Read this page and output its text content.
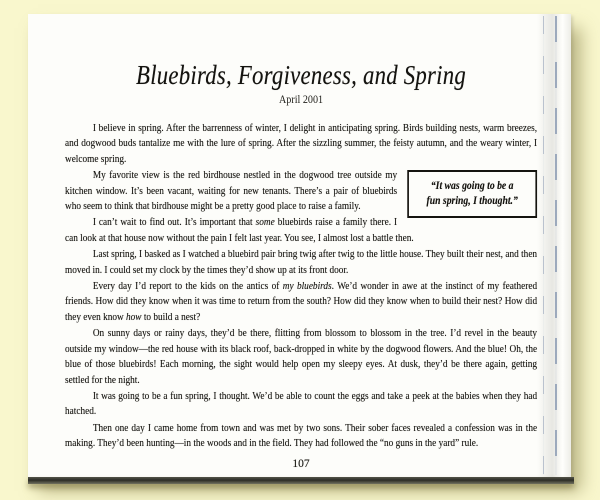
Bluebirds, Forgiveness, and Spring
April 2001

I believe in spring. After the barrenness of winter, I delight in anticipating spring. Birds building nests, warm breezes, and dogwood buds tantalize me with the lure of spring. After the sizzling summer, the feisty autumn, and the weary winter, I welcome spring.

“It was going to be a
fun spring, I thought.”

My favorite view is the red birdhouse nestled in the dogwood tree outside my kitchen window. It’s been vacant, waiting for new tenants. There’s a pair of bluebirds who seem to think that birdhouse might be a pretty good place to raise a family.

I can’t wait to find out. It’s important that some bluebirds raise a family there. I can look at that house now without the pain I felt last year. You see, I almost lost a battle then.

Last spring, I basked as I watched a bluebird pair bring twig after twig to the little house. They built their nest, and then moved in. I could set my clock by the times they’d show up at its front door.

Every day I’d report to the kids on the antics of my bluebirds. We’d wonder in awe at the instinct of my feathered friends. How did they know when it was time to return from the south? How did they know when to build their nest? How did they even know how to build a nest?

On sunny days or rainy days, they’d be there, flitting from blossom to blossom in the tree. I’d revel in the beauty outside my window—the red house with its black roof, back-dropped in white by the dogwood flowers. And the blue! Oh, the blue of those bluebirds! Each morning, the sight would help open my sleepy eyes. At dusk, they’d be there again, getting settled for the night.

It was going to be a fun spring, I thought. We’d be able to count the eggs and take a peek at the babies when they had hatched.

Then one day I came home from town and was met by two sons. Their sober faces revealed a confession was in the making. They’d been hunting—in the woods and in the field. They had followed the “no guns in the yard” rule.

107
